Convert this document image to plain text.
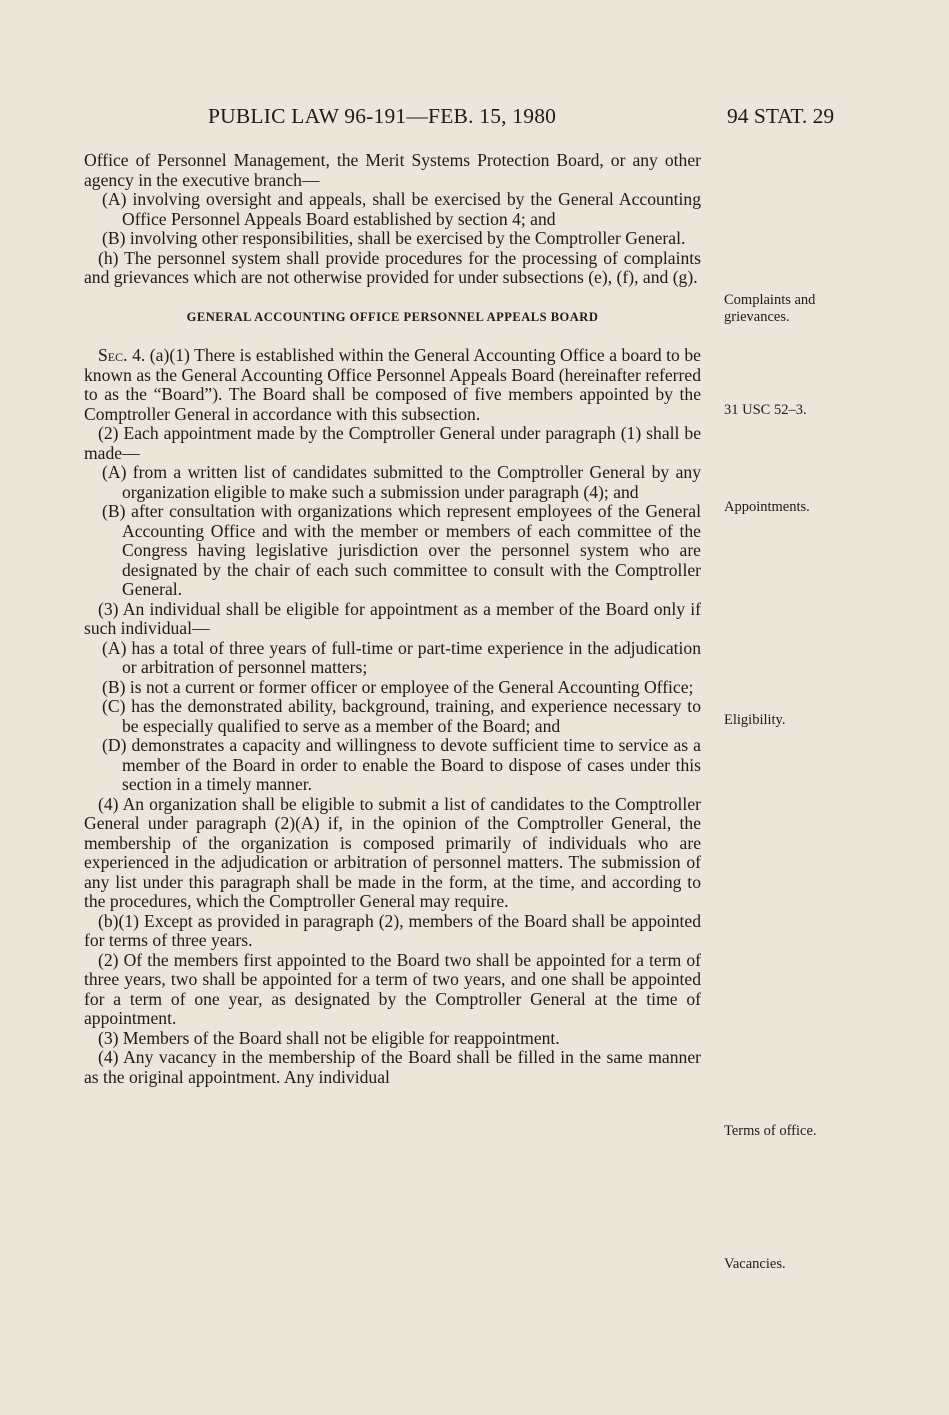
PUBLIC LAW 96-191—FEB. 15, 1980	94 STAT. 29

Office of Personnel Management, the Merit Systems Protection Board, or any other agency in the executive branch—

(A) involving oversight and appeals, shall be exercised by the General Accounting Office Personnel Appeals Board established by section 4; and

(B) involving other responsibilities, shall be exercised by the Comptroller General.

(h) The personnel system shall provide procedures for the processing of complaints and grievances which are not otherwise provided for under subsections (e), (f), and (g).

GENERAL ACCOUNTING OFFICE PERSONNEL APPEALS BOARD

Sec. 4. (a)(1) There is established within the General Accounting Office a board to be known as the General Accounting Office Personnel Appeals Board (hereinafter referred to as the “Board”). The Board shall be composed of five members appointed by the Comptroller General in accordance with this subsection.

(2) Each appointment made by the Comptroller General under paragraph (1) shall be made—

(A) from a written list of candidates submitted to the Comptroller General by any organization eligible to make such a submission under paragraph (4); and

(B) after consultation with organizations which represent employees of the General Accounting Office and with the member or members of each committee of the Congress having legislative jurisdiction over the personnel system who are designated by the chair of each such committee to consult with the Comptroller General.

(3) An individual shall be eligible for appointment as a member of the Board only if such individual—

(A) has a total of three years of full-time or part-time experience in the adjudication or arbitration of personnel matters;

(B) is not a current or former officer or employee of the General Accounting Office;

(C) has the demonstrated ability, background, training, and experience necessary to be especially qualified to serve as a member of the Board; and

(D) demonstrates a capacity and willingness to devote sufficient time to service as a member of the Board in order to enable the Board to dispose of cases under this section in a timely manner.

(4) An organization shall be eligible to submit a list of candidates to the Comptroller General under paragraph (2)(A) if, in the opinion of the Comptroller General, the membership of the organization is composed primarily of individuals who are experienced in the adjudication or arbitration of personnel matters. The submission of any list under this paragraph shall be made in the form, at the time, and according to the procedures, which the Comptroller General may require.

(b)(1) Except as provided in paragraph (2), members of the Board shall be appointed for terms of three years.

(2) Of the members first appointed to the Board two shall be appointed for a term of three years, two shall be appointed for a term of two years, and one shall be appointed for a term of one year, as designated by the Comptroller General at the time of appointment.

(3) Members of the Board shall not be eligible for reappointment.

(4) Any vacancy in the membership of the Board shall be filled in the same manner as the original appointment. Any individual

Complaints and grievances.
31 USC 52–3.
Appointments.
Eligibility.
Terms of office.
Vacancies.
